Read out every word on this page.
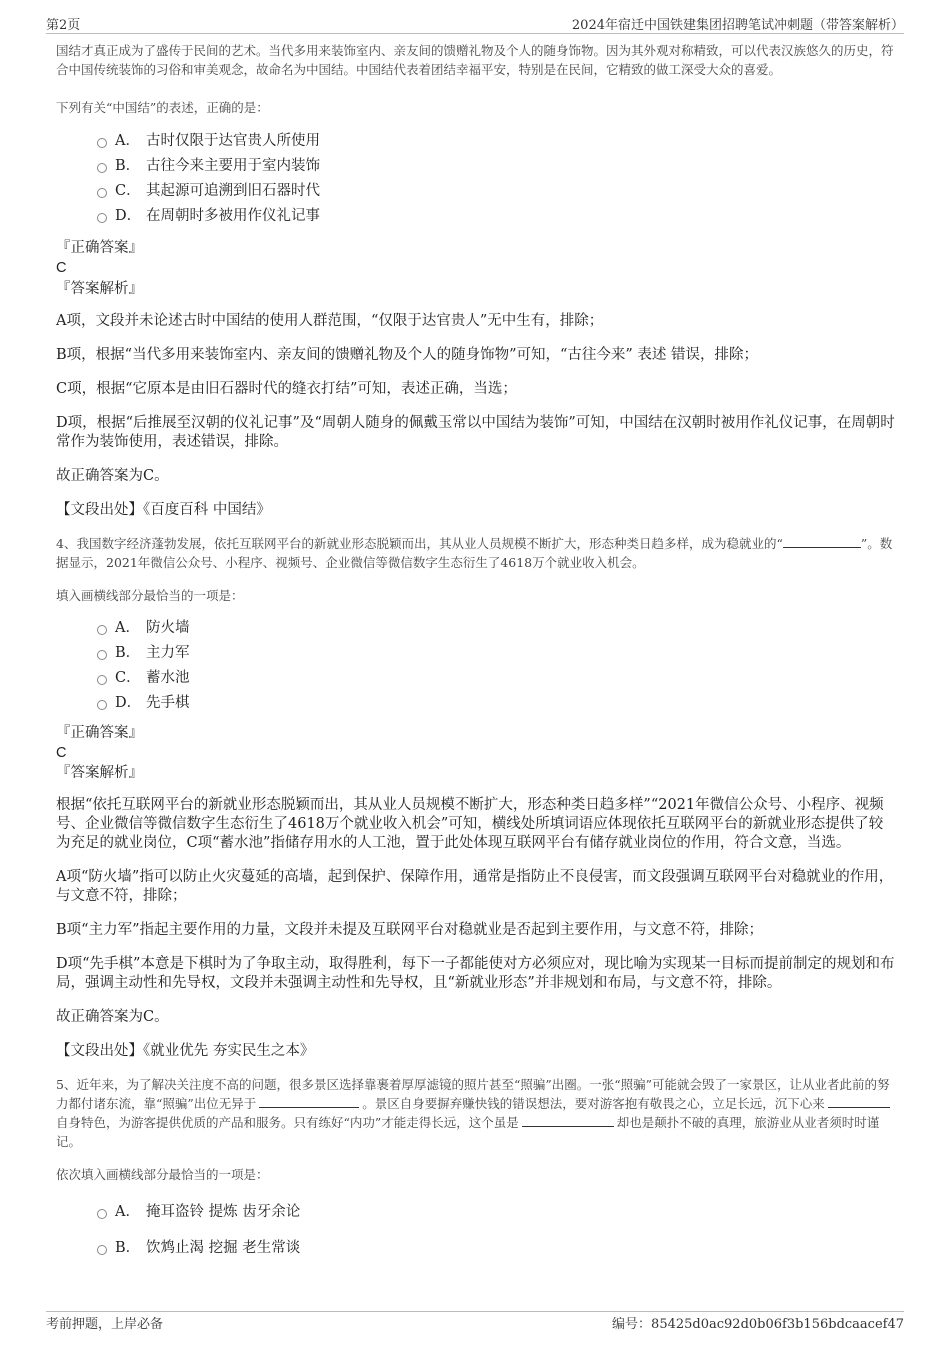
第2页	2024年宿迁中国铁建集团招聘笔试冲刺题（带答案解析）

国结才真正成为了盛传于民间的艺术。当代多用来装饰室内、亲友间的馈赠礼物及个人的随身饰物。因为其外观对称精致，可以代表汉族悠久的历史，符合中国传统装饰的习俗和审美观念，故命名为中国结。中国结代表着团结幸福平安，特别是在民间，它精致的做工深受大众的喜爱。

下列有关“中国结”的表述，正确的是：

A． 古时仅限于达官贵人所使用
B． 古往今来主要用于室内装饰
C． 其起源可追溯到旧石器时代
D． 在周朝时多被用作仪礼记事
『正确答案』
C
『答案解析』

A项，文段并未论述古时中国结的使用人群范围，“仅限于达官贵人”无中生有，排除；

B项，根据“当代多用来装饰室内、亲友间的馈赠礼物及个人的随身饰物”可知，“古往今来” 表述 错误，排除；

C项，根据“它原本是由旧石器时代的缝衣打结”可知，表述正确，当选；

D项，根据“后推展至汉朝的仪礼记事”及“周朝人随身的佩戴玉常以中国结为装饰”可知，中国结在汉朝时被用作礼仪记事，在周朝时常作为装饰使用，表述错误，排除。

故正确答案为C。

【文段出处】《百度百科 中国结》

4、我国数字经济蓬勃发展，依托互联网平台的新就业形态脱颖而出，其从业人员规模不断扩大，形态种类日趋多样，成为稳就业的“	”。数据显示，2021年微信公众号、小程序、视频号、企业微信等微信数字生态衍生了4618万个就业收入机会。

填入画横线部分最恰当的一项是：

A． 防火墙
B． 主力军
C． 蓄水池
D． 先手棋
『正确答案』
C
『答案解析』

根据“依托互联网平台的新就业形态脱颖而出，其从业人员规模不断扩大，形态种类日趋多样”“2021年微信公众号、小程序、视频号、企业微信等微信数字生态衍生了4618万个就业收入机会”可知，横线处所填词语应体现依托互联网平台的新就业形态提供了较为充足的就业岗位，C项“蓄水池”指储存用水的人工池，置于此处体现互联网平台有储存就业岗位的作用，符合文意，当选。

A项“防火墙”指可以防止火灾蔓延的高墙，起到保护、保障作用，通常是指防止不良侵害，而文段强调互联网平台对稳就业的作用，与文意不符，排除；

B项“主力军”指起主要作用的力量，文段并未提及互联网平台对稳就业是否起到主要作用，与文意不符，排除；

D项“先手棋”本意是下棋时为了争取主动，取得胜利，每下一子都能使对方必须应对，现比喻为实现某一目标而提前制定的规划和布局，强调主动性和先导权，文段并未强调主动性和先导权，且“新就业形态”并非规划和布局，与文意不符，排除。

故正确答案为C。

【文段出处】《就业优先 夯实民生之本》

5、近年来，为了解决关注度不高的问题，很多景区选择靠裹着厚厚滤镜的照片甚至“照骗”出圈。一张“照骗”可能就会毁了一家景区，让从业者此前的努力都付诸东流，靠“照骗”出位无异于	。景区自身要摒弃赚快钱的错误想法，要对游客抱有敬畏之心，立足长远，沉下心来自身特色，为游客提供优质的产品和服务。只有练好“内功”才能走得长远，这个虽是	却也是颠扑不破的真理，旅游业从业者须时时谨记。

依次填入画横线部分最恰当的一项是：

A． 掩耳盗铃 提炼 齿牙余论
B． 饮鸩止渴 挖掘 老生常谈
考前押题，上岸必备	编号：85425d0ac92d0b06f3b156bdcaacef47
